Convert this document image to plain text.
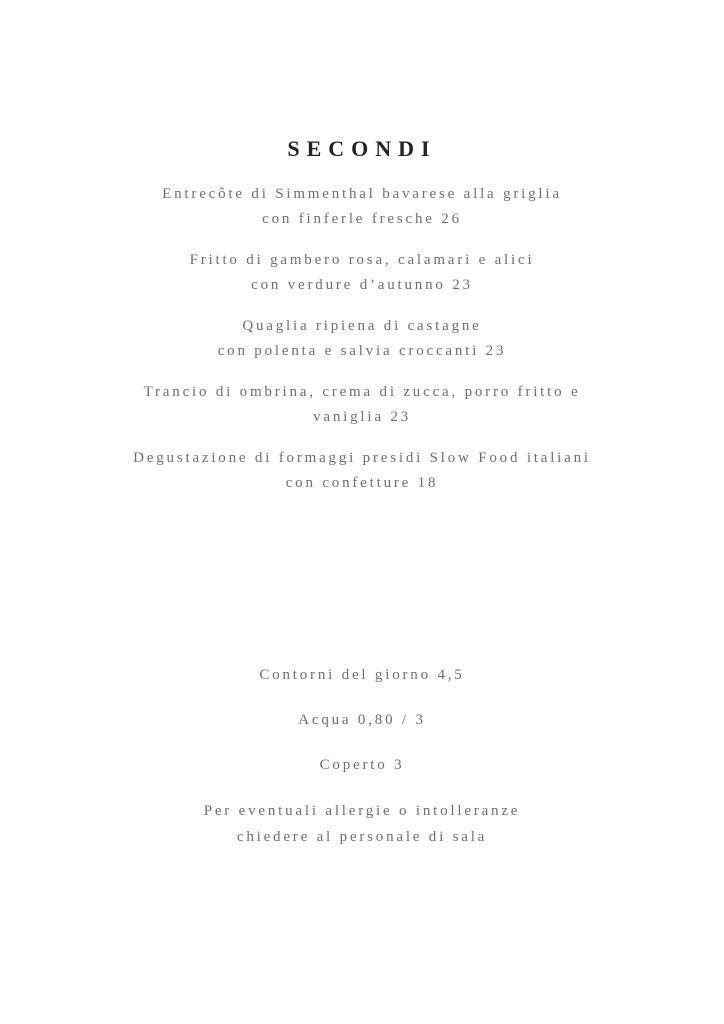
SECONDI
Entrecôte di Simmenthal bavarese alla griglia
con finferle fresche 26
Fritto di gambero rosa, calamari e alici
con verdure d’autunno 23
Quaglia ripiena di castagne
con polenta e salvia croccanti 23
Trancio di ombrina, crema di zucca, porro fritto e
vaniglia 23
Degustazione di formaggi presidi Slow Food italiani
con confetture 18
Contorni del giorno 4,5
Acqua 0,80 / 3
Coperto 3
Per eventuali allergie o intolleranze
chiedere al personale di sala
